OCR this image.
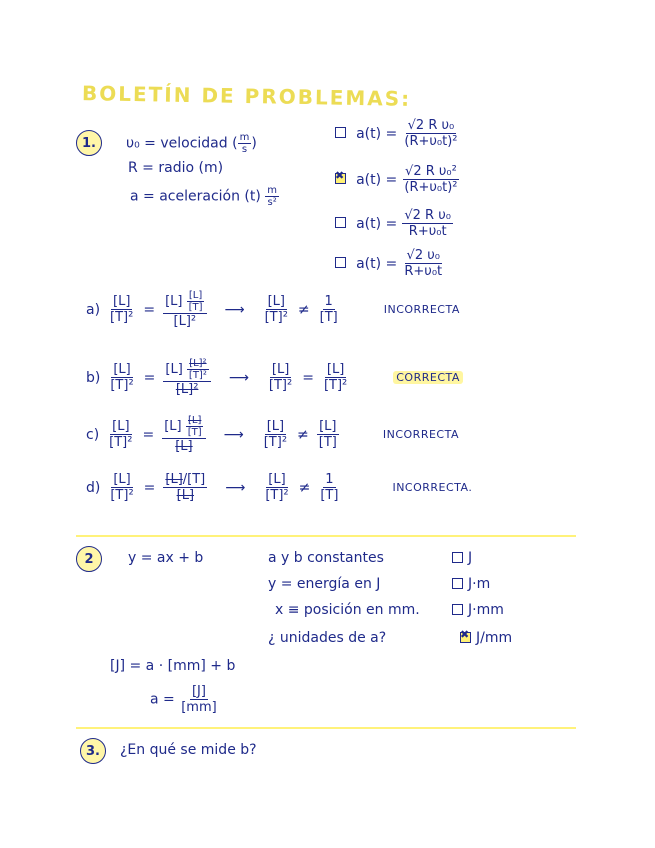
BOLETÍN DE PROBLEMAS:
1.	υ₀ = velocidad ( $\frac{m}{s}$ )
R = radio (m)
a = aceleración $(t) \frac{m}{\text{s²}}$
$a(t) = \frac{\text{√2 R υ₀}}{\text{(R+υ₀t)²}}$
✖ $a(t) = \frac{\text{√2 R υ₀²}}{\text{(R+υ₀t)²}}$
$a(t) = \frac{\text{√2 R υ₀}}{\text{R+υ₀t}}$
$a(t) = \frac{\text{√2 υ₀}}{\text{R+υ₀t}}$
$a) \frac{[L]}{\text{[T]²}} = \frac{[L] \frac{[L]}{[T]}}{\text{[L]²}}$ ⟶ $\frac{[L]}{\text{[T]²}} \ne \frac{1}{[T]}$	INCORRECTA
$b) \frac{[L]}{\text{[T]²}} = \frac{[L] \frac{\text{[L]²}}{\text{[T]²}}}{\text{[L]²}}$ ⟶ $\frac{[L]}{\text{[T]²}} = \frac{[L]}{\text{[T]²}}$	CORRECTA
$c) \frac{[L]}{\text{[T]²}} = \frac{[L] \frac{[L]}{[T]}}{[L]}$ ⟶ $\frac{[L]}{\text{[T]²}} \ne \frac{[L]}{[T]}$	INCORRECTA
$d) \frac{[L]}{\text{[T]²}} = \frac{[L]/[T]}{[L]}$ ⟶ $\frac{[L]}{\text{[T]²}} \ne \frac{1}{[T]}$	INCORRECTA.
2	y = ax + b	a y b constantes
y = energía en J
x ≡ posición en mm.
¿ unidades de a?
J
J·m
J·mm
✖J/mm
[J] = a · [mm] + b
$a = \frac{[J]}{[mm]}$
3.	¿En qué se mide b?
